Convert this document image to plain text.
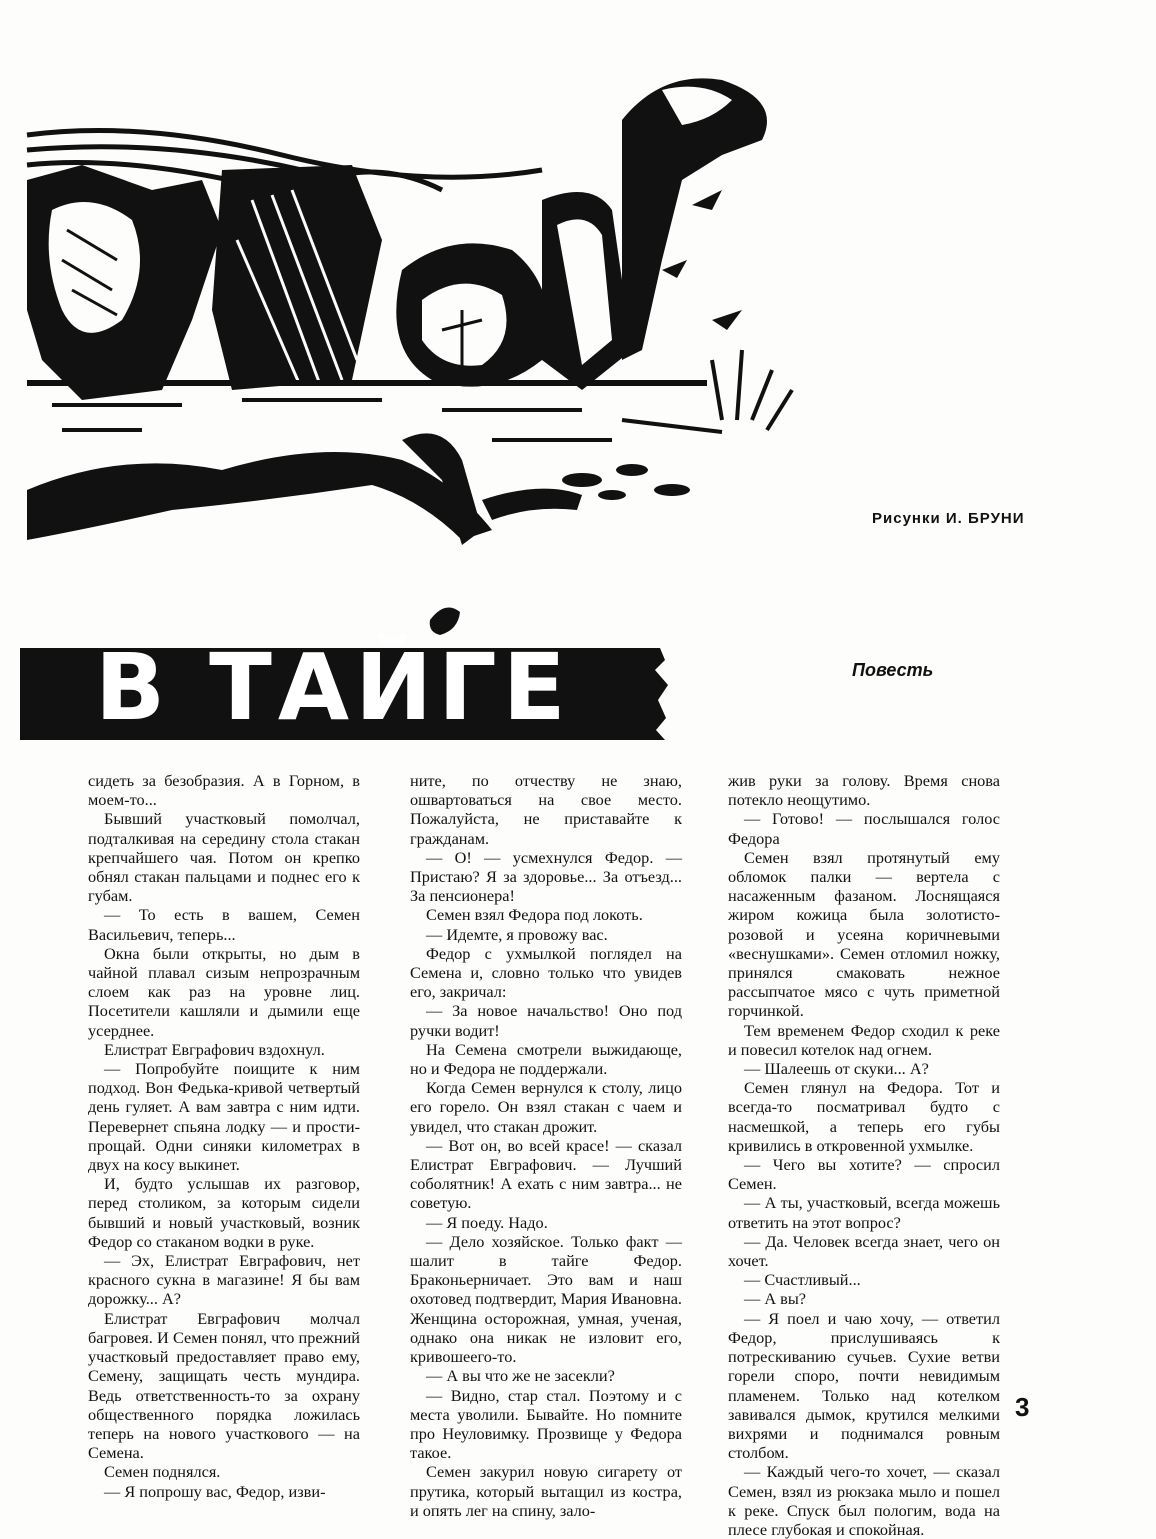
Рисунки И. БРУНИ
В ТАЙГЕ	Повесть

сидеть за безобразия. А в Горном, в моем-то...

Бывший участковый помолчал, подталкивая на середину стола стакан крепчайшего чая. Потом он крепко обнял стакан пальцами и поднес его к губам.

— То есть в вашем, Семен Васильевич, теперь...

Окна были открыты, но дым в чайной плавал сизым непрозрачным слоем как раз на уровне лиц. Посетители кашляли и дымили еще усерднее.

Елистрат Евграфович вздохнул.

— Попробуйте поищите к ним подход. Вон Федька-кривой четвертый день гуляет. А вам завтра с ним идти. Перевернет спьяна лодку — и прости-прощай. Одни синяки километрах в двух на косу выкинет.

И, будто услышав их разговор, перед столиком, за которым сидели бывший и новый участковый, возник Федор со стаканом водки в руке.

— Эх, Елистрат Евграфович, нет красного сукна в магазине! Я бы вам дорожку... А?

Елистрат Евграфович молчал багровея. И Семен понял, что прежний участковый предоставляет право ему, Семену, защищать честь мундира. Ведь ответственность-то за охрану общественного порядка ложилась теперь на нового участкового — на Семена.

Семен поднялся.

— Я попрошу вас, Федор, изви-

ните, по отчеству не знаю, ошвартоваться на свое место. Пожалуйста, не приставайте к гражданам.

— О! — усмехнулся Федор. — Пристаю? Я за здоровье... За отъезд... За пенсионера!

Семен взял Федора под локоть.

— Идемте, я провожу вас.

Федор с ухмылкой поглядел на Семена и, словно только что увидев его, закричал:

— За новое начальство! Оно под ручки водит!

На Семена смотрели выжидающе, но и Федора не поддержали.

Когда Семен вернулся к столу, лицо его горело. Он взял стакан с чаем и увидел, что стакан дрожит.

— Вот он, во всей красе! — сказал Елистрат Евграфович. — Лучший соболятник! А ехать с ним завтра... не советую.

— Я поеду. Надо.

— Дело хозяйское. Только факт — шалит в тайге Федор. Браконьерничает. Это вам и наш охотовед подтвердит, Мария Ивановна. Женщина осторожная, умная, ученая, однако она никак не изловит его, кривошеего-то.

— А вы что же не засекли?

— Видно, стар стал. Поэтому и с места уволили. Бывайте. Но помните про Неуловимку. Прозвище у Федора такое.

Семен закурил новую сигарету от прутика, который вытащил из костра, и опять лег на спину, зало-

жив руки за голову. Время снова потекло неощутимо.

— Готово! — послышался голос Федора

Семен взял протянутый ему обломок палки — вертела с насаженным фазаном. Лоснящаяся жиром кожица была золотисто-розовой и усеяна коричневыми «веснушками». Семен отломил ножку, принялся смаковать нежное рассыпчатое мясо с чуть приметной горчинкой.

Тем временем Федор сходил к реке и повесил котелок над огнем.

— Шалеешь от скуки... А?

Семен глянул на Федора. Тот и всегда-то посматривал будто с насмешкой, а теперь его губы кривились в откровенной ухмылке.

— Чего вы хотите? — спросил Семен.

— А ты, участковый, всегда можешь ответить на этот вопрос?

— Да. Человек всегда знает, чего он хочет.

— Счастливый...

— А вы?

— Я поел и чаю хочу, — ответил Федор, прислушиваясь к потрескиванию сучьев. Сухие ветви горели споро, почти невидимым пламенем. Только над котелком завивался дымок, крутился мелкими вихрями и поднимался ровным столбом.

— Каждый чего-то хочет, — сказал Семен, взял из рюкзака мыло и пошел к реке. Спуск был пологим, вода на плесе глубокая и спокойная.

3
